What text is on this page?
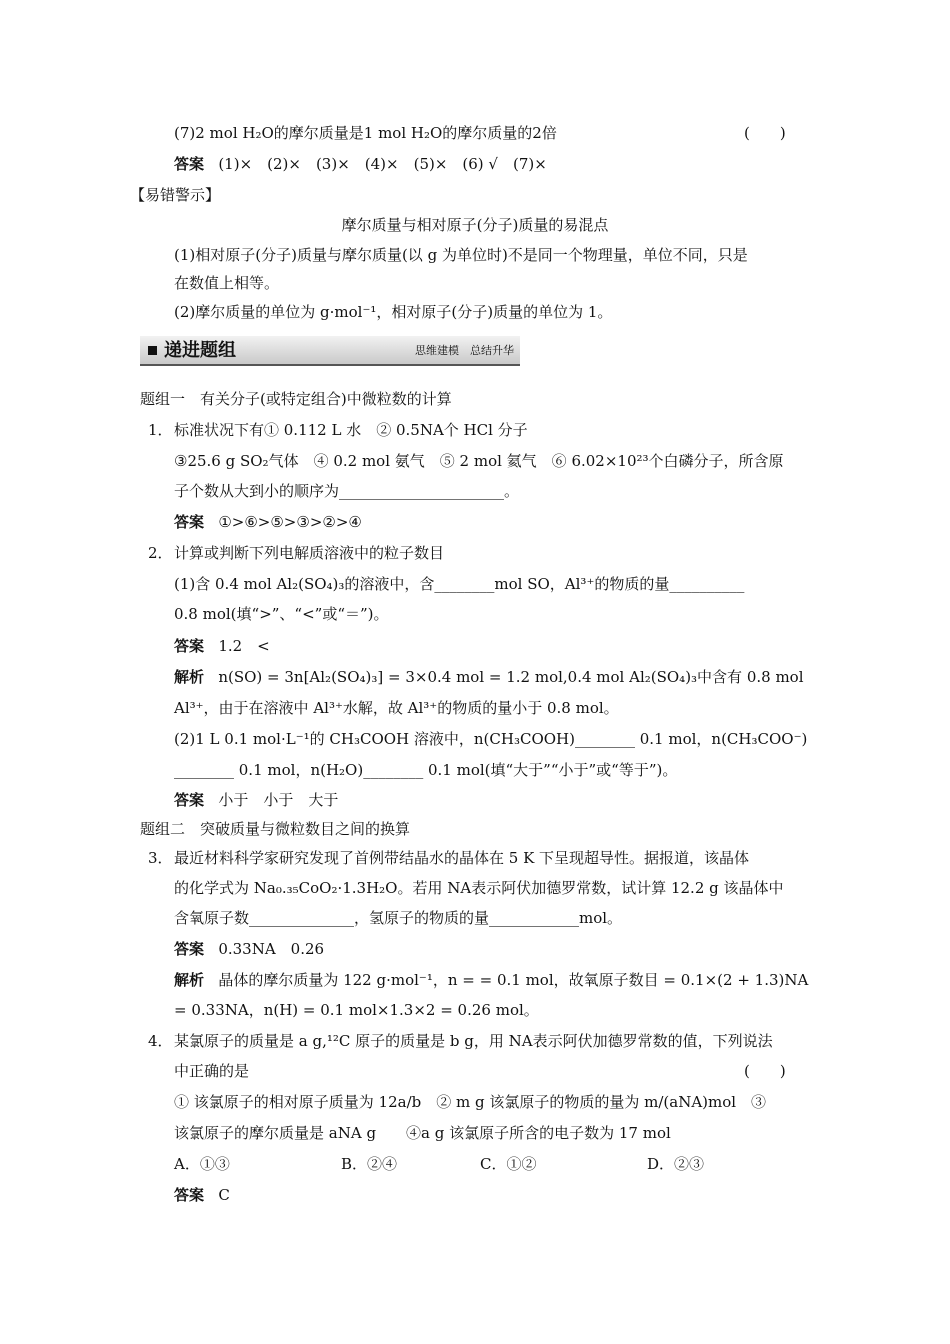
(7)2 mol H₂O的摩尔质量是1 mol H₂O的摩尔质量的2倍	(　　)
答案 (1)×　(2)×　(3)×　(4)×　(5)×　(6) √　(7)×
【易错警示】
摩尔质量与相对原子(分子)质量的易混点
(1)相对原子(分子)质量与摩尔质量(以 g 为单位时)不是同一个物理量，单位不同，只是
在数值上相等。
(2)摩尔质量的单位为 g·mol⁻¹，相对原子(分子)质量的单位为 1。
递进题组	思维建模　总结升华
题组一　有关分子(或特定组合)中微粒数的计算
1． 标准状况下有① 0.112 L 水　② 0.5NA个 HCl 分子
③25.6 g SO₂气体　④ 0.2 mol 氨气　⑤ 2 mol 氦气　⑥ 6.02×10²³个白磷分子，所含原
子个数从大到小的顺序为______________________。
答案 ①>⑥>⑤>③>②>④
2． 计算或判断下列电解质溶液中的粒子数目
(1)含 0.4 mol Al₂(SO₄)₃的溶液中，含________mol SO，Al³⁺的物质的量__________
0.8 mol(填“>”、“<”或“＝”)。
答案 1.2　<
解析 n(SO) = 3n[Al₂(SO₄)₃] = 3×0.4 mol = 1.2 mol,0.4 mol Al₂(SO₄)₃中含有 0.8 mol
Al³⁺，由于在溶液中 Al³⁺水解，故 Al³⁺的物质的量小于 0.8 mol。
(2)1 L 0.1 mol·L⁻¹的 CH₃COOH 溶液中，n(CH₃COOH)________ 0.1 mol，n(CH₃COO⁻)
________ 0.1 mol，n(H₂O)________ 0.1 mol(填“大于”“小于”或“等于”)。
答案 小于　小于　大于
题组二　突破质量与微粒数目之间的换算
3． 最近材料科学家研究发现了首例带结晶水的晶体在 5 K 下呈现超导性。据报道，该晶体
的化学式为 Na₀.₃₅CoO₂·1.3H₂O。若用 NA表示阿伏加德罗常数，试计算 12.2 g 该晶体中
含氧原子数______________，氢原子的物质的量____________mol。
答案 0.33NA　0.26
解析 晶体的摩尔质量为 122 g·mol⁻¹，n = = 0.1 mol，故氧原子数目 = 0.1×(2 + 1.3)NA
= 0.33NA，n(H) = 0.1 mol×1.3×2 = 0.26 mol。
4． 某氯原子的质量是 a g,¹²C 原子的质量是 b g，用 NA表示阿伏加德罗常数的值，下列说法
中正确的是	(　　)
① 该氯原子的相对原子质量为 12a/b　② m g 该氯原子的物质的量为 m/(aNA)mol　③
该氯原子的摩尔质量是 aNA g　　④a g 该氯原子所含的电子数为 17 mol
A．①③	B．②④	C．①②	D．②③
答案 C
